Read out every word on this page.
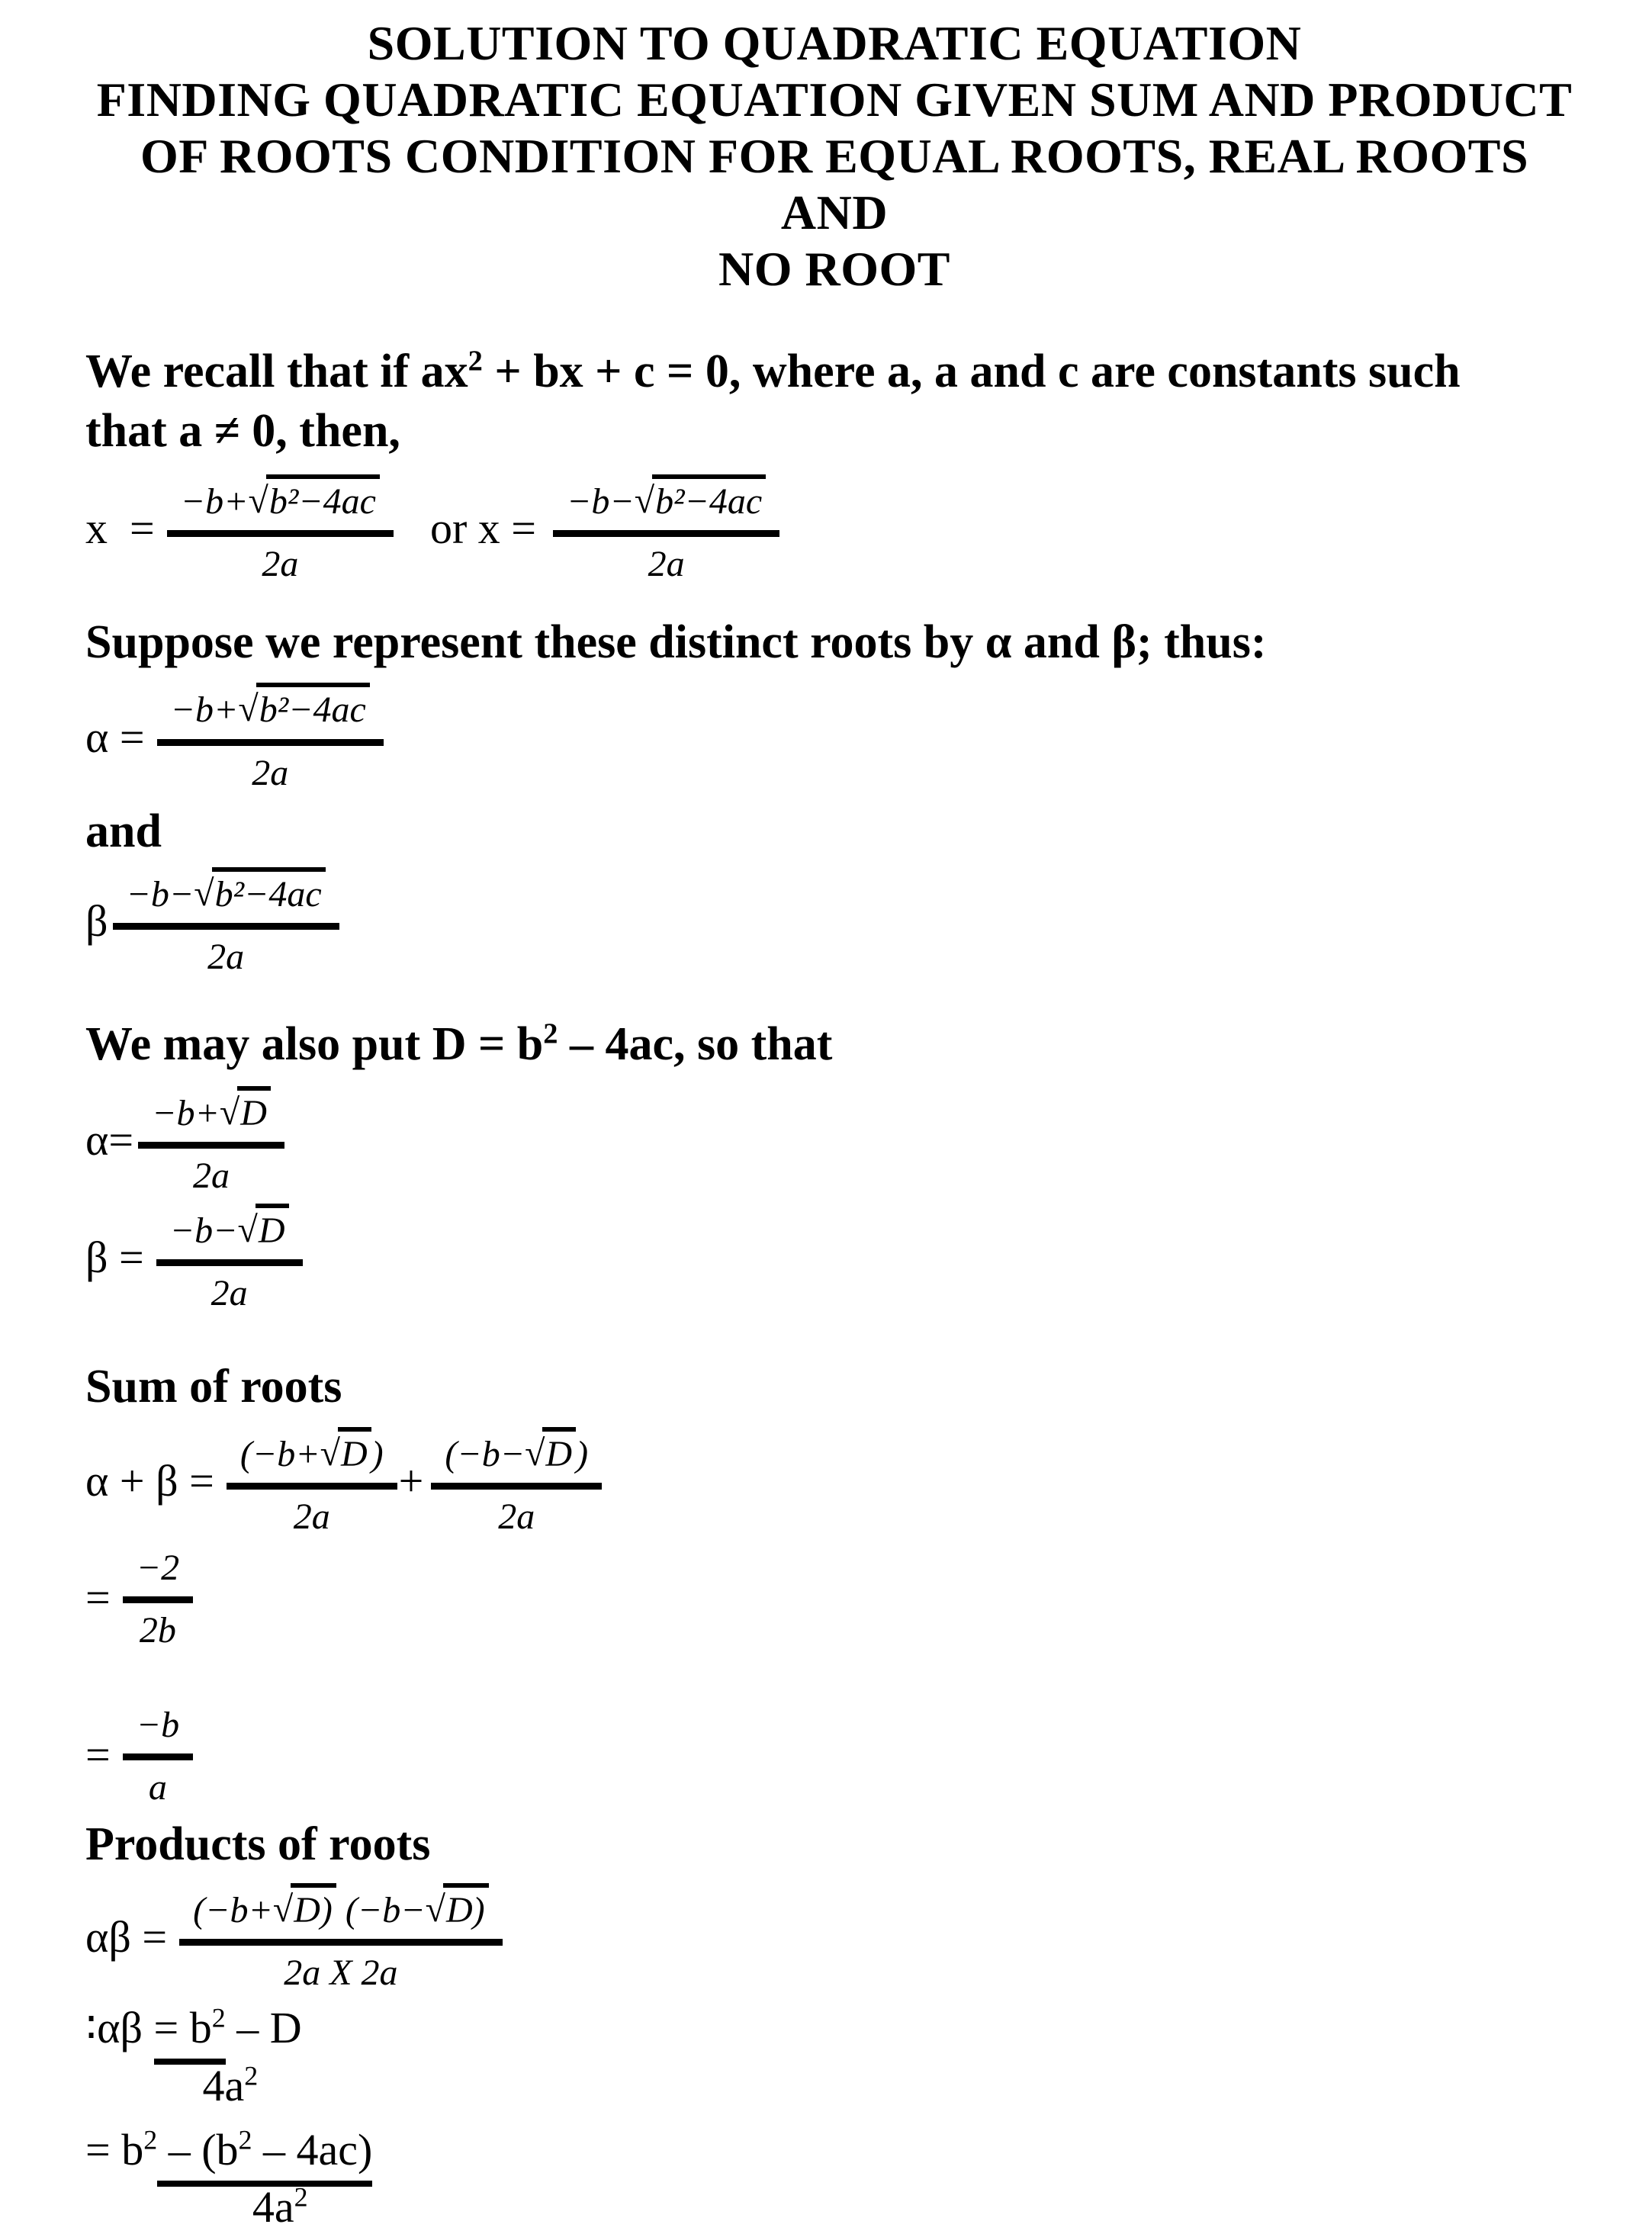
SOLUTION TO QUADRATIC EQUATION
FINDING QUADRATIC EQUATION GIVEN SUM AND PRODUCT
OF ROOTS CONDITION FOR EQUAL ROOTS, REAL ROOTS AND
NO ROOT
We recall that if $ax^2$ + bx + c = 0, where a, a and c are constants such
that a ≠ 0, then,
$x = \frac{\text{−b+√b²−4ac}}{2a}$ or $x = \frac{\text{−b−√b²−4ac}}{2a}$
Suppose we represent these distinct roots by α and β; thus:
$\alpha = \frac{\text{−b+√b²−4ac}}{2a}$
and
β $\frac{\text{−b−√b²−4ac}}{2a}$
We may also put $D = b^2 - 4ac$, so that
$\alpha= \frac{-b+√D}{2a}$
$\beta = \frac{-b-√D}{2a}$
Sum of roots
$\alpha + \beta = \frac{(-b+√D )}{2a} + \frac{(-b-√D )}{2a}$
= $\frac{-2}{2b}$
= $\frac{-b}{a}$
Products of roots
$\alpha\beta = \frac{(-b+√D) (-b-√D)}{\text{2a X 2a}}$
∶αβ = $b^2$ – D
$4a^2$
= $b^2 - (b^2 - 4ac)$
$4a^2$
